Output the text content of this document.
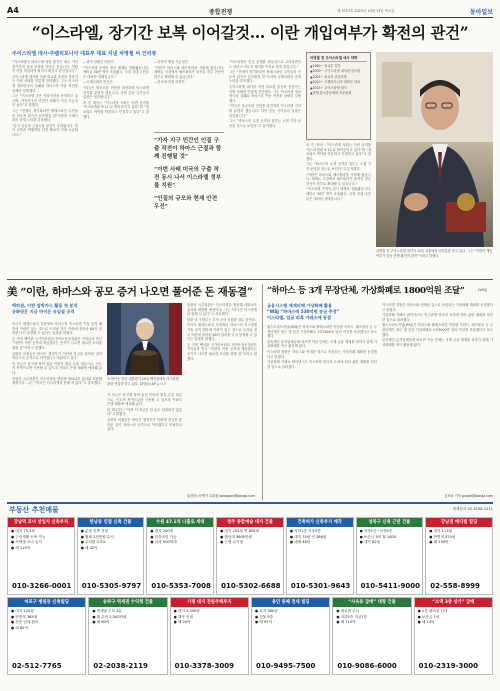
A4	종합전쟁	제 3757호 2023년 10월 13일 목요일	동아일보
“이스라엘, 장기간 보복 이어갈것… 이란 개입여부가 확전의 관건”
주이스라엘 대사·주캘리포니아 대표부 대표 지낸 차영철 씨 인터뷰

“이스라엘이 하마스에 당한 충격은 매우 커서 장기간에 걸쳐 보복을 이어갈 것입니다. 이란이 직접 개입하게 될지가 확전의 관건입니다.”

주이스라엘 대사를 지낸 외교관 출신의 전문가는 이번 사태를 이렇게 진단했다. 그는 이스라엘 정보당국의 실패와 하마스의 기습 작전을 상세히 설명했다.

그는 “이스라엘 군은 지상작전을 준비하고 있으며, 가자지구의 민간인 피해가 커질 가능성이 높다”고 말했다.

그는 “전쟁이 장기화되면 팔레스타인 주민들의 인도적 위기가 심각해질 것”이라며 국제사회의 중재 노력을 강조했다.

“유가 상승과 금융시장 불안이 우려됩니다. 현지 교민과 여행객의 안전 확보가 가장 시급합니다.”

―현지 상황은 어떤가.

“이스라엘 전역이 전시 체제로 전환됐습니다. 예비군 30만 명이 소집됐고, 국경 지대 주민들은 대피한 상태입니다.”

―국제사회의 반응은.

“미국은 항공모함 전단을 파견하며 이스라엘 지지를 분명히 했습니다. 다만 중동 국가들의 입장은 엇갈립니다.”

차 전 대사는 “이스라엘 사회는 이번 공격을 ‘이스라엘판 9·11’로 받아들이고 있다”며 “정치권도 여야를 막론하고 단결하고 있다”고 말했다.

―이란의 개입 가능성은.

“이란은 하마스와 헤즈볼라를 지원해 왔습니다. 레바논 국경에서 헤즈볼라가 움직일 경우 전선이 북부로 확대될 수 있습니다.”

―한국에 미칠 영향은.

“가자 지구 민간인 인질 구출 작전이 하마스 근절과 함께 진행될 것”
“이번 사태 미국의 구출 작전 동시 나서 이스라엘 정부를 지원”
“인질의 규모와 현재 안전 우선”

“이스라엘은 인질 문제를 최우선으로 고려하면서도 하마스 지도부 제거를 목표로 삼을 것입니다.”

그는 “전쟁이 장기화되면 팔레스타인 주민들의 인도적 위기가 심각해질 것”이라며 국제사회의 중재 노력을 강조했다.

주이스라엘 대사를 지낸 외교관 출신의 전문가는 이번 사태를 이렇게 진단했다. 그는 이스라엘 정보당국의 실패와 하마스의 기습 작전을 상세히 설명했다.

“미국은 항공모함 전단을 파견하며 이스라엘 지지를 분명히 했습니다. 다만 중동 국가들의 입장은 엇갈립니다.”

그는 “하마스의 로켓 공격과 침투는 오랜 기간 준비된 것으로 보인다”고 분석했다.

차영철 전 주이스라엘 대사 약력
▲1980~ 외교부 입부
▲2000~ 주이스라엘 대사관 참사관
▲2005~ 외교부 중동과장
▲2010~ 주캘리포니아 대표부 대표
▲2015~ 주이스라엘 대사
▲현재 한국중동협회 자문위원

차 전 대사는 “이스라엘 사회는 이번 공격을 ‘이스라엘판 9·11’로 받아들이고 있다”며 “정치권도 여야를 막론하고 단결하고 있다”고 말했다.

그는 “하마스의 로켓 공격과 침투는 오랜 기간 준비된 것으로 보인다”고 분석했다.

“이란은 하마스와 헤즈볼라를 지원해 왔습니다. 레바논 국경에서 헤즈볼라가 움직일 경우 전선이 북부로 확대될 수 있습니다.”

“이스라엘 전역이 전시 체제로 전환됐습니다. 예비군 30만 명이 소집됐고, 국경 지대 주민들은 대피한 상태입니다.”

차영철 전 주이스라엘 대사가 12일 서울에서 인터뷰를 하고 있다. 그는 “이란의 개입 여부가 중동 전쟁 확전의 관건”이라고 말했다.
美 “이란, 하마스와 공모 증거 나오면 풀어준 돈 재동결”
백악관, 이란 압박카드 활용 첫 분석
공화당은 지금 바이든 유입설 공격

미국이 팔레스타인 무장정파 하마스의 이스라엘 기습 공격 배후에 이란이 있는 것으로 드러날 경우 이란에 풀어준 60억 달러를 다시 동결할 수 있다는 입장을 밝혔다.

존 커비 백악관 국가안보회의 전략소통조정관은 기자들과 만나 “이란이 이번 공격에 개입했다는 증거가 나오면 필요한 조치를 취할 것”이라고 말했다.

공화당 의원들은 바이든 행정부가 이란에 자금을 풀어준 것이 하마스의 공격으로 이어졌다고 비판하고 있다.

이 자금은 한국에 묶여 있던 이란의 원유 수출 대금으로, 인도적 목적으로만 사용할 수 있도록 카타르 은행 계좌에 예치돼 있다.

블링컨 국무장관은 이스라엘을 방문해 네타냐후 총리와 회담할 예정이다. 그는 “미국은 이스라엘과 함께 서 있다”고 강조했다.

조 바이든 미국 대통령이 10일 백악관에서 이스라엘 관련 연설을 하고 있다. 워싱턴=AP 뉴시스

이 자금은 한국에 묶여 있던 이란의 원유 수출 대금으로, 인도적 목적으로만 사용할 수 있도록 카타르 은행 계좌에 예치돼 있다.

미 재무부는 “아직 이 자금은 한 푼도 인출되지 않았다”고 밝혔다.

공화당 의원들은 바이든 행정부가 이란에 자금을 풀어준 것이 하마스의 공격으로 이어졌다고 비판하고 있다.

블링컨 국무장관은 이스라엘을 방문해 네타냐후 총리와 회담할 예정이다. 그는 “미국은 이스라엘과 함께 서 있다”고 강조했다.

한편 미 국방부는 추가 군사 지원을 검토 중이다.

미국이 팔레스타인 무장정파 하마스의 이스라엘 기습 공격 배후에 이란이 있는 것으로 드러날 경우 이란에 풀어준 60억 달러를 다시 동결할 수 있다는 입장을 밝혔다.

존 커비 백악관 국가안보회의 전략소통조정관은 기자들과 만나 “이란이 이번 공격에 개입했다는 증거가 나오면 필요한 조치를 취할 것”이라고 말했다.

워싱턴=문병기 특파원 weappon@donga.com
“하마스 등 3개 무장단체, 가상화폐로 1800억원 조달”	(WSJ)
금융시스템 제재피해 가상화폐 활용
“WSJ “하마스에 530억원 송금 추정”
이스라엘, 입금 의혹 거래소에 동결

월스트리트저널(WSJ)은 하마스와 팔레스타인 이슬람 지하드, 헤즈볼라 등 무장단체가 최근 몇 년간 가상화폐로 1억3000만 달러 이상을 조달했다고 보도했다.

블록체인 분석업체들에 따르면 이들 단체는 국제 금융 제재를 피하기 위해 가상화폐를 적극 활용해 왔다.

이스라엘 경찰은 하마스와 연계된 것으로 의심되는 가상화폐 계좌를 동결했다고 밝혔다.

가상화폐 거래소 바이낸스도 이스라엘 당국의 요청에 따라 관련 계좌를 차단한 것으로 알려졌다.

이스라엘 경찰은 하마스와 연계된 것으로 의심되는 가상화폐 계좌를 동결했다고 밝혔다.

가상화폐 거래소 바이낸스도 이스라엘 당국의 요청에 따라 관련 계좌를 차단한 것으로 알려졌다.

월스트리트저널(WSJ)은 하마스와 팔레스타인 이슬람 지하드, 헤즈볼라 등 무장단체가 최근 몇 년간 가상화폐로 1억3000만 달러 이상을 조달했다고 보도했다.

블록체인 분석업체들에 따르면 이들 단체는 국제 금융 제재를 피하기 위해 가상화폐를 적극 활용해 왔다.

김보라 기자 purple@donga.com
부동산 추천매물	게재문의 02-3158-1211
강남역 코너 상업지 신축부지
● 대지 75.3평
● 근린생활 신축 가능
● 역세권 코너 입지
● 매 110억
010-3266-0001
한남동 인접 신축 건물
● 분당 신축 건물
● 월세 2천만원 수익
● 수익률 5.5%
● 매 42억
010-5305-9797
수원 47.1억 나홀로 세대
● 대지 200평
● 한강조망 가능
● 급매 500억대
010-5353-7008
청주 종합예술 대지 건물
● 대지 253평 연 800평
● 월임대 3600만원
● 근생 수익형
010-5302-6688
건축허가 신축부지 매각
● 지하1층 지상5층
● 대지 74평 연 286평
● 매매 48억
010-5301-9643
성북구 신축 근린 건물
● 지하1층~지상5층
● 보증금 3억 월 1800
● 대지 62평
010-5411-9000
강남권 메디컬 빌딩
● 대지 113평
● 연면적 525평
● 매 150억
02-558-8999
마포구 병원동 신축빌딩
● 대지 120평
● 연면적 365평
● 전층 임대 완료
● 매 85억
02-512-7765
송파구 역세권 수익형 건물
● 역세권 도보 3분
● 월 수익 2,500만원
● 매 60억
02-2038-2119
가평 대지 전원주택부지
● 대지 2,000평
● 계곡 인접
● 매 20억
010-3378-3009
용인 통째 전세 빌딩
● 토지 380평
● 건물 5층
● 매 92억
010-9495-7500
“사옥용 급매” 대형 건물
● 대로변 코너
● 지하2층 지상7층
● 매 210억
010-9086-6000
“소액 3층 상가” 급매
● 1층 편의점 임대
● 보증금 1억
● 매 14억
010-2319-3000
